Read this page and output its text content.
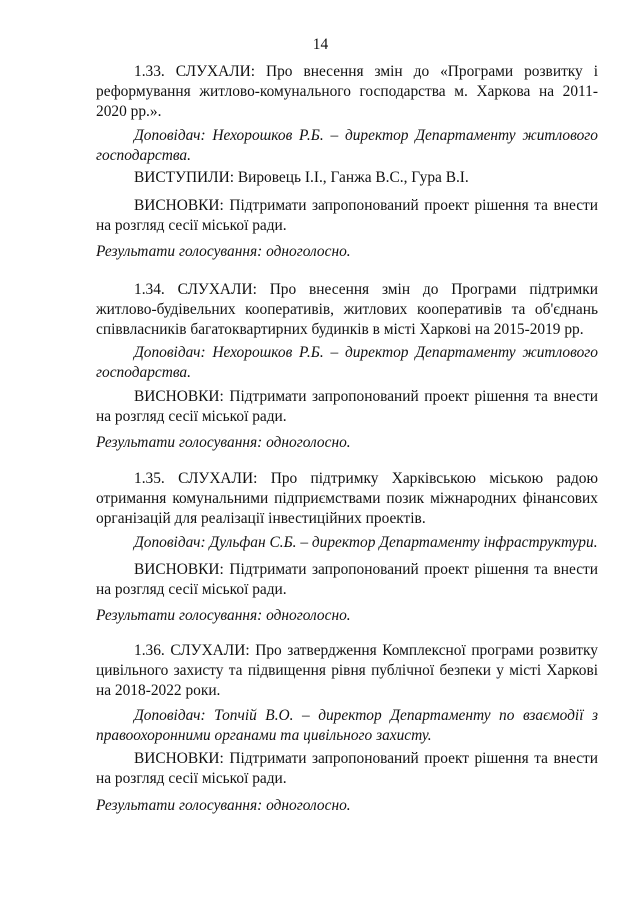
14
1.33. СЛУХАЛИ: Про внесення змін до «Програми розвитку і реформування житлово-комунального господарства м. Харкова на 2011-2020 рр.».
Доповідач: Нехорошков Р.Б. – директор Департаменту житлового господарства.
ВИСТУПИЛИ: Вировець І.І., Ганжа В.С., Гура В.І.
ВИСНОВКИ: Підтримати запропонований проект рішення та внести на розгляд сесії міської ради.
Результати голосування: одноголосно.
1.34. СЛУХАЛИ: Про внесення змін до Програми підтримки житлово-будівельних кооперативів, житлових кооперативів та об'єднань співвласників багатоквартирних будинків в місті Харкові на 2015-2019 рр.
Доповідач: Нехорошков Р.Б. – директор Департаменту житлового господарства.
ВИСНОВКИ: Підтримати запропонований проект рішення та внести на розгляд сесії міської ради.
Результати голосування: одноголосно.
1.35. СЛУХАЛИ: Про підтримку Харківською міською радою отримання комунальними підприємствами позик міжнародних фінансових організацій для реалізації інвестиційних проектів.
Доповідач: Дульфан С.Б. – директор Департаменту інфраструктури.
ВИСНОВКИ: Підтримати запропонований проект рішення та внести на розгляд сесії міської ради.
Результати голосування: одноголосно.
1.36. СЛУХАЛИ: Про затвердження Комплексної програми розвитку цивільного захисту та підвищення рівня публічної безпеки у місті Харкові на 2018-2022 роки.
Доповідач: Топчій В.О. – директор Департаменту по взаємодії з правоохоронними органами та цивільного захисту.
ВИСНОВКИ: Підтримати запропонований проект рішення та внести на розгляд сесії міської ради.
Результати голосування: одноголосно.
